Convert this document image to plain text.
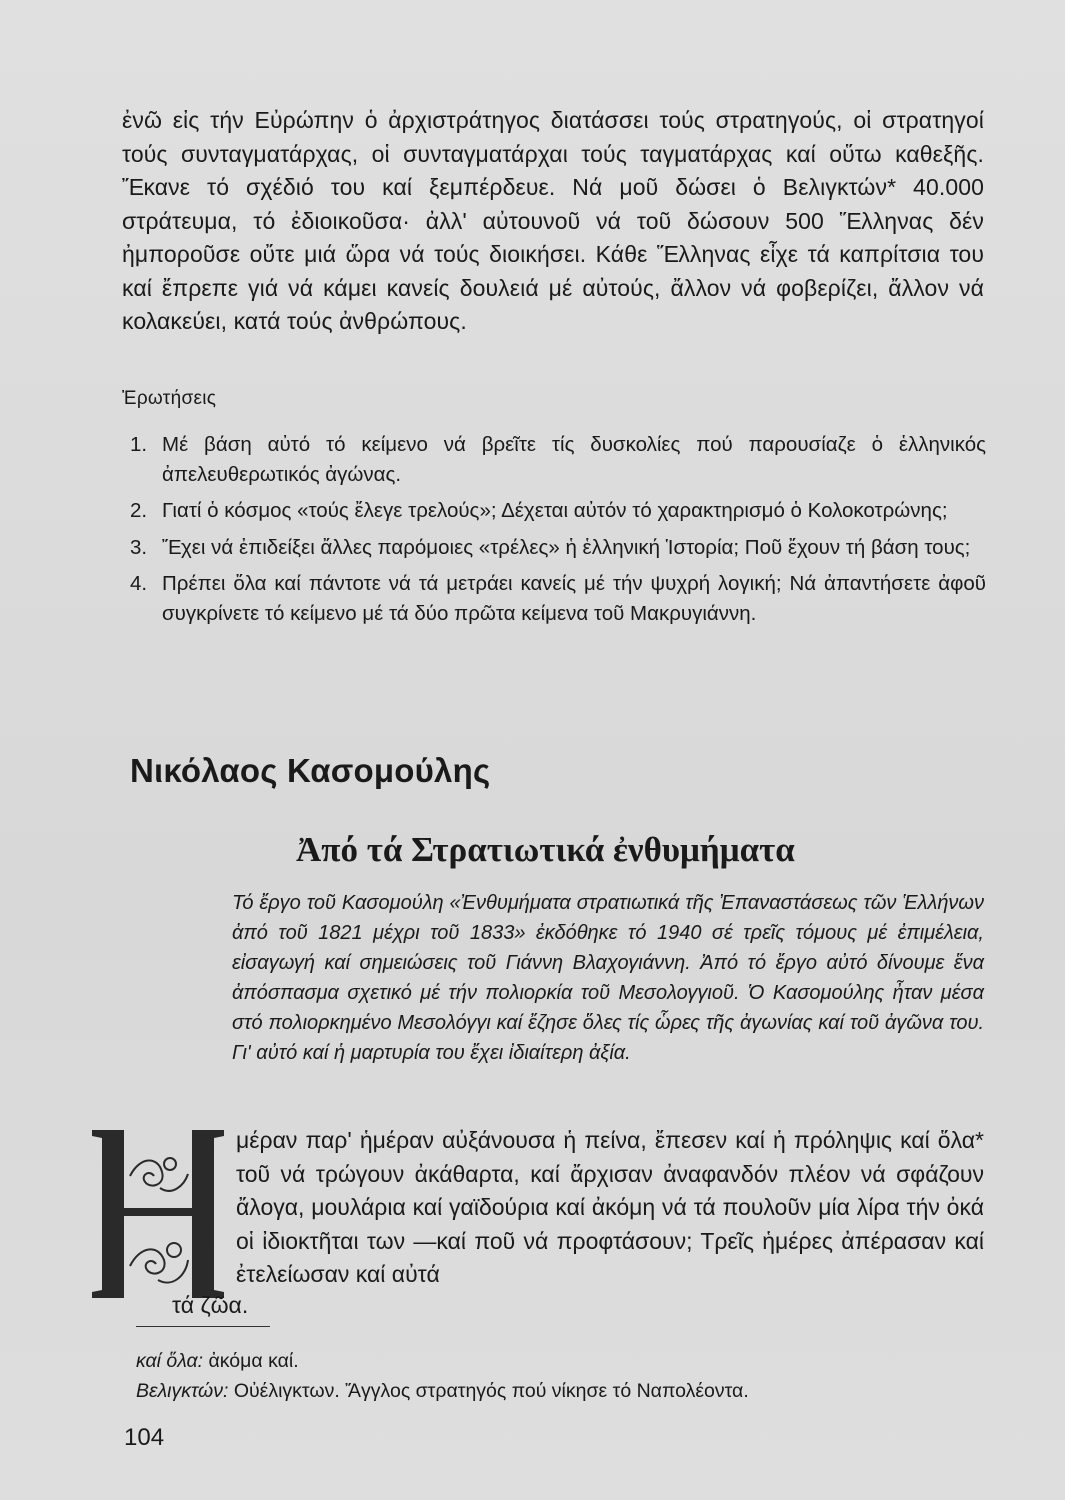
ἐνῶ εἰς τήν Εὐρώπην ὁ ἀρχιστράτηγος διατάσσει τούς στρατηγούς, οἱ στρατηγοί τούς συνταγματάρχας, οἱ συνταγματάρχαι τούς ταγματάρχας καί οὕτω καθεξῆς. Ἔκανε τό σχέδιό του καί ξεμπέρδευε. Νά μοῦ δώσει ὁ Βελιγκτών* 40.000 στράτευμα, τό ἐδιοικοῦσα· ἀλλ' αὐτουνοῦ νά τοῦ δώσουν 500 Ἕλληνας δέν ἠμποροῦσε οὔτε μιά ὥρα νά τούς διοικήσει. Κάθε Ἕλληνας εἶχε τά καπρίτσια του καί ἔπρεπε γιά νά κάμει κανείς δουλειά μέ αὐτούς, ἄλλον νά φοβερίζει, ἄλλον νά κολακεύει, κατά τούς ἀνθρώπους.
Ἐρωτήσεις
1. Μέ βάση αὐτό τό κείμενο νά βρεῖτε τίς δυσκολίες πού παρουσίαζε ὁ ἑλληνικός ἀπελευθερωτικός ἀγώνας.
2. Γιατί ὁ κόσμος «τούς ἔλεγε τρελούς»; Δέχεται αὐτόν τό χαρακτηρισμό ὁ Κολοκοτρώνης;
3. Ἔχει νά ἐπιδείξει ἄλλες παρόμοιες «τρέλες» ἡ ἑλληνική Ἱστορία; Ποῦ ἔχουν τή βάση τους;
4. Πρέπει ὅλα καί πάντοτε νά τά μετράει κανείς μέ τήν ψυχρή λογική; Νά ἀπαντήσετε ἀφοῦ συγκρίνετε τό κείμενο μέ τά δύο πρῶτα κείμενα τοῦ Μακρυγιάννη.
Νικόλαος Κασομούλης
Ἀπό τά Στρατιωτικά ἐνθυμήματα
Τό ἔργο τοῦ Κασομούλη «Ἐνθυμήματα στρατιωτικά τῆς Ἐπαναστάσεως τῶν Ἑλλήνων ἀπό τοῦ 1821 μέχρι τοῦ 1833» ἐκδόθηκε τό 1940 σέ τρεῖς τόμους μέ ἐπιμέλεια, εἰσαγωγή καί σημειώσεις τοῦ Γιάννη Βλαχογιάννη. Ἀπό τό ἔργο αὐτό δίνουμε ἕνα ἀπόσπασμα σχετικό μέ τήν πολιορκία τοῦ Μεσολογγιοῦ. Ὁ Κασομούλης ἦταν μέσα στό πολιορκημένο Μεσολόγγι καί ἔζησε ὅλες τίς ὧρες τῆς ἀγωνίας καί τοῦ ἀγῶνα του. Γι' αὐτό καί ἡ μαρτυρία του ἔχει ἰδιαίτερη ἀξία.
μέραν παρ' ἡμέραν αὐξάνουσα ἡ πείνα, ἔπεσεν καί ἡ πρόληψις καί ὅλα* τοῦ νά τρώγουν ἀκάθαρτα, καί ἄρχισαν ἀναφανδόν πλέον νά σφάζουν ἄλογα, μουλάρια καί γαϊδούρια καί ἀκόμη νά τά πουλοῦν μία λίρα τήν ὀκά οἱ ἰδιοκτῆται των —καί ποῦ νά προφτάσουν; Τρεῖς ἡμέρες ἀπέρασαν καί ἐτελείωσαν καί αὐτά
τά ζῶα.
καί ὅλα: ἀκόμα καί.
Βελιγκτών: Οὐέλιγκτων. Ἄγγλος στρατηγός πού νίκησε τό Ναπολέοντα.
104
